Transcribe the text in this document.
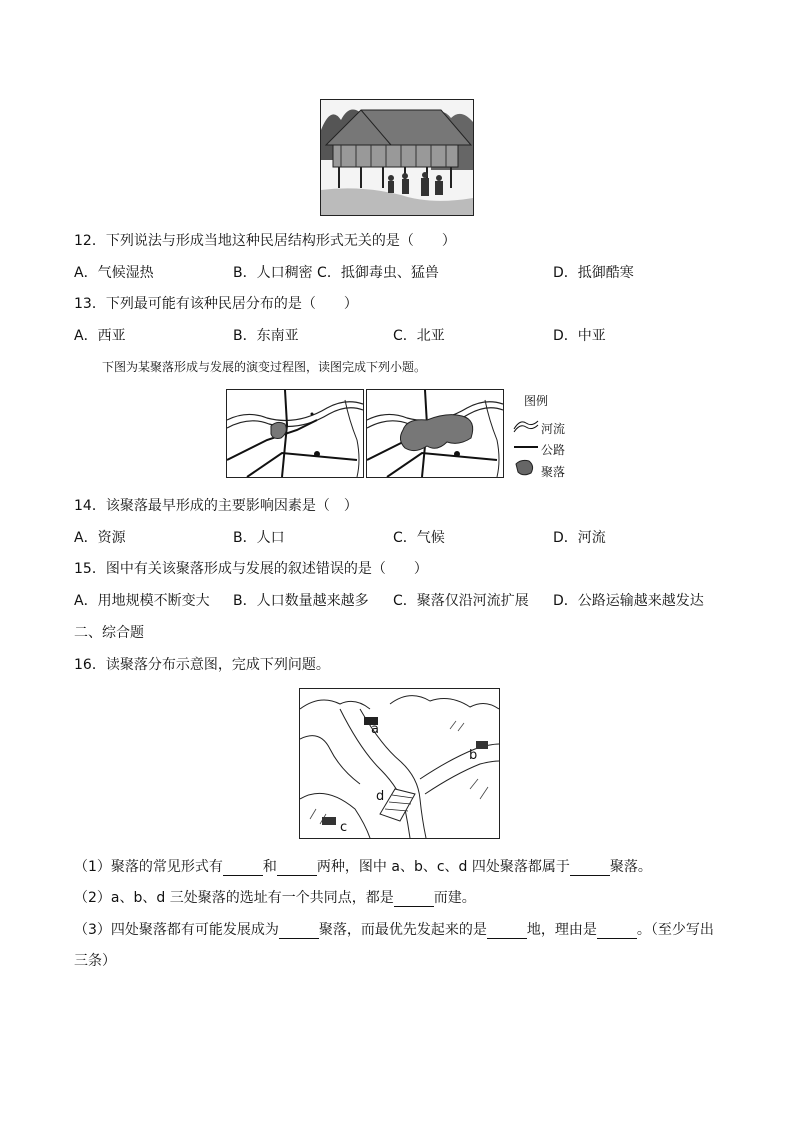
12．下列说法与形成当地这种民居结构形式无关的是（　　）
A．气候湿热	B．人口稠密 C．抵御毒虫、猛兽	D．抵御酷寒
13．下列最可能有该种民居分布的是（　　）
A．西亚	B．东南亚	C．北亚	D．中亚
下图为某聚落形成与发展的演变过程图，读图完成下列小题。
图例
河流
公路
聚落
14．该聚落最早形成的主要影响因素是（　）
A．资源	B．人口	C．气候	D．河流
15．图中有关该聚落形成与发展的叙述错误的是（　　）
A．用地规模不断变大 B．人口数量越来越多 C．聚落仅沿河流扩展 D．公路运输越来越发达
二、综合题
16．读聚落分布示意图，完成下列问题。
a
b
c
d
（1）聚落的常见形式有	和	两种，图中 a、b、c、d 四处聚落都属于	聚落。
（2）a、b、d 三处聚落的选址有一个共同点，都是	而建。
（3）四处聚落都有可能发展成为	聚落，而最优先发起来的是	地，理由是	。（至少写出
三条）
